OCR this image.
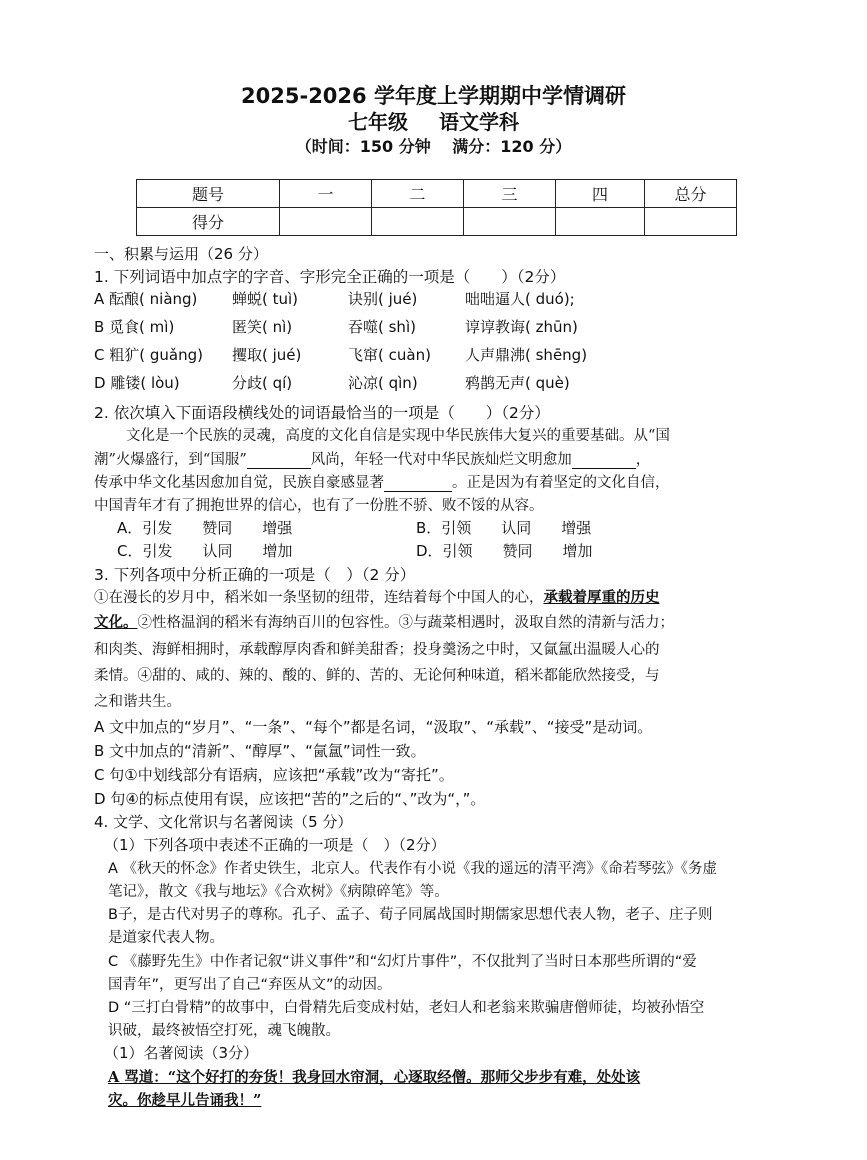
2025-2026 学年度上学期期中学情调研
七年级 语文学科
（时间：150 分钟　 满分：120 分）
题号	一	二	三	四	总分
得分					
一、积累与运用（26 分）
1. 下列词语中加点字的字音、字形完全正确的一项是（　　）（2分）
A 酝酿( niàng) 蝉蜕( tuì)	诀别( jué)	咄咄逼人( duó);
B 觅食( mì)	匿笑( nì)	吞噬( shì)	谆谆教诲( zhūn)
C 粗犷( guǎng) 攫取( jué)	飞窜( cuàn) 人声鼎沸( shēng)
D 雕镂( lòu)	分歧( qí)	沁凉( qìn)	鸦鹊无声( què)
2. 依次填入下面语段横线处的词语最恰当的一项是（　　）（2分）
文化是一个民族的灵魂，高度的文化自信是实现中华民族伟大复兴的重要基础。从“国
潮”火爆盛行，到“国服”	风尚，年轻一代对中华民族灿烂文明愈加	，
传承中华文化基因愈加自觉，民族自豪感显著	。正是因为有着坚定的文化自信，
中国青年才有了拥抱世界的信心，也有了一份胜不骄、败不馁的从容。
A．引发　　赞同　　增强	B．引领　　认同　　增强
C．引发　　认同　　增加	D．引领　　赞同　　增加
3. 下列各项中分析正确的一项是（　）（2 分）
①在漫长的岁月中，稻米如一条坚韧的纽带，连结着每个中国人的心，承载着厚重的历史
文化。②性格温润的稻米有海纳百川的包容性。③与蔬菜相遇时，汲取自然的清新与活力；
和肉类、海鲜相拥时，承载醇厚肉香和鲜美甜香；投身羹汤之中时，又氤氲出温暖人心的
柔情。④甜的、咸的、辣的、酸的、鲜的、苦的、无论何种味道，稻米都能欣然接受，与
之和谐共生。
A 文中加点的“岁月”、“一条”、“每个”都是名词，“汲取”、“承载”、“接受”是动词。
B 文中加点的“清新”、“醇厚”、“氤氲”词性一致。
C 句①中划线部分有语病，应该把“承载”改为“寄托”。
D 句④的标点使用有误，应该把“苦的”之后的“、”改为“，”。
4. 文学、文化常识与名著阅读（5 分）
（1）下列各项中表述不正确的一项是（　）（2分）
A 《秋天的怀念》作者史铁生，北京人。代表作有小说《我的遥远的清平湾》《命若琴弦》《务虚
笔记》，散文《我与地坛》《合欢树》《病隙碎笔》等。
B子，是古代对男子的尊称。孔子、孟子、荀子同属战国时期儒家思想代表人物，老子、庄子则
是道家代表人物。
C 《藤野先生》中作者记叙“讲义事件”和“幻灯片事件”，不仅批判了当时日本那些所谓的“爱
国青年”，更写出了自己“弃医从文”的动因。
D “三打白骨精”的故事中，白骨精先后变成村姑，老妇人和老翁来欺骗唐僧师徒，均被孙悟空
识破，最终被悟空打死，魂飞魄散。
（1）名著阅读（3分）
A 骂道：“这个好打的夯货！我身回水帘洞，心逐取经僧。那师父步步有难，处处该
灾。你趁早儿告诵我！”
